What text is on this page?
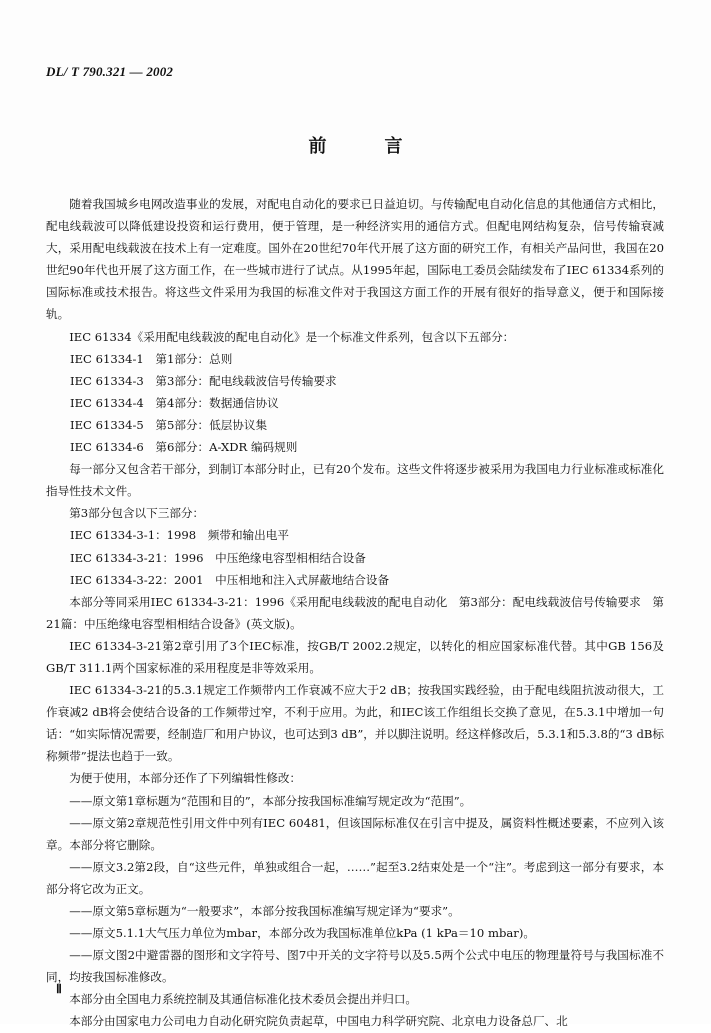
DL/ T 790.321 — 2002
前言

随着我国城乡电网改造事业的发展，对配电自动化的要求已日益迫切。与传输配电自动化信息的其他通信方式相比，配电线载波可以降低建设投资和运行费用，便于管理，是一种经济实用的通信方式。但配电网结构复杂，信号传输衰减大，采用配电线载波在技术上有一定难度。国外在20世纪70年代开展了这方面的研究工作，有相关产品问世，我国在20世纪90年代也开展了这方面工作，在一些城市进行了试点。从1995年起，国际电工委员会陆续发布了IEC 61334系列的国际标准或技术报告。将这些文件采用为我国的标准文件对于我国这方面工作的开展有很好的指导意义，便于和国际接轨。

IEC 61334《采用配电线载波的配电自动化》是一个标准文件系列，包含以下五部分：

IEC 61334-1　第1部分：总则

IEC 61334-3　第3部分：配电线载波信号传输要求

IEC 61334-4　第4部分：数据通信协议

IEC 61334-5　第5部分：低层协议集

IEC 61334-6　第6部分：A-XDR 编码规则

每一部分又包含若干部分，到制订本部分时止，已有20个发布。这些文件将逐步被采用为我国电力行业标准或标准化指导性技术文件。

第3部分包含以下三部分：

IEC 61334-3-1：1998　频带和输出电平

IEC 61334-3-21：1996　中压绝缘电容型相相结合设备

IEC 61334-3-22：2001　中压相地和注入式屏蔽地结合设备

本部分等同采用IEC 61334-3-21：1996《采用配电线载波的配电自动化　第3部分：配电线载波信号传输要求　第21篇：中压绝缘电容型相相结合设备》(英文版)。

IEC 61334-3-21第2章引用了3个IEC标准，按GB/T 2002.2规定，以转化的相应国家标准代替。其中GB 156及GB/T 311.1两个国家标准的采用程度是非等效采用。

IEC 61334-3-21的5.3.1规定工作频带内工作衰减不应大于2 dB；按我国实践经验，由于配电线阻抗波动很大，工作衰减2 dB将会使结合设备的工作频带过窄，不利于应用。为此，和IEC该工作组组长交换了意见，在5.3.1中增加一句话：“如实际情况需要，经制造厂和用户协议，也可达到3 dB”，并以脚注说明。经这样修改后，5.3.1和5.3.8的“3 dB标称频带”提法也趋于一致。

为便于使用，本部分还作了下列编辑性修改：

——原文第1章标题为“范围和目的”，本部分按我国标准编写规定改为“范围”。

——原文第2章规范性引用文件中列有IEC 60481，但该国际标准仅在引言中提及，属资料性概述要素，不应列入该章。本部分将它删除。

——原文3.2第2段，自“这些元件，单独或组合一起，……”起至3.2结束处是一个“注”。考虑到这一部分有要求，本部分将它改为正文。

——原文第5章标题为“一般要求”，本部分按我国标准编写规定译为“要求”。

——原文5.1.1大气压力单位为mbar，本部分改为我国标准单位kPa (1 kPa＝10 mbar)。

——原文图2中避雷器的图形和文字符号、图7中开关的文字符号以及5.5两个公式中电压的物理量符号与我国标准不同，均按我国标准修改。

本部分由全国电力系统控制及其通信标准化技术委员会提出并归口。

本部分由国家电力公司电力自动化研究院负责起草，中国电力科学研究院、北京电力设备总厂、北

Ⅱ
